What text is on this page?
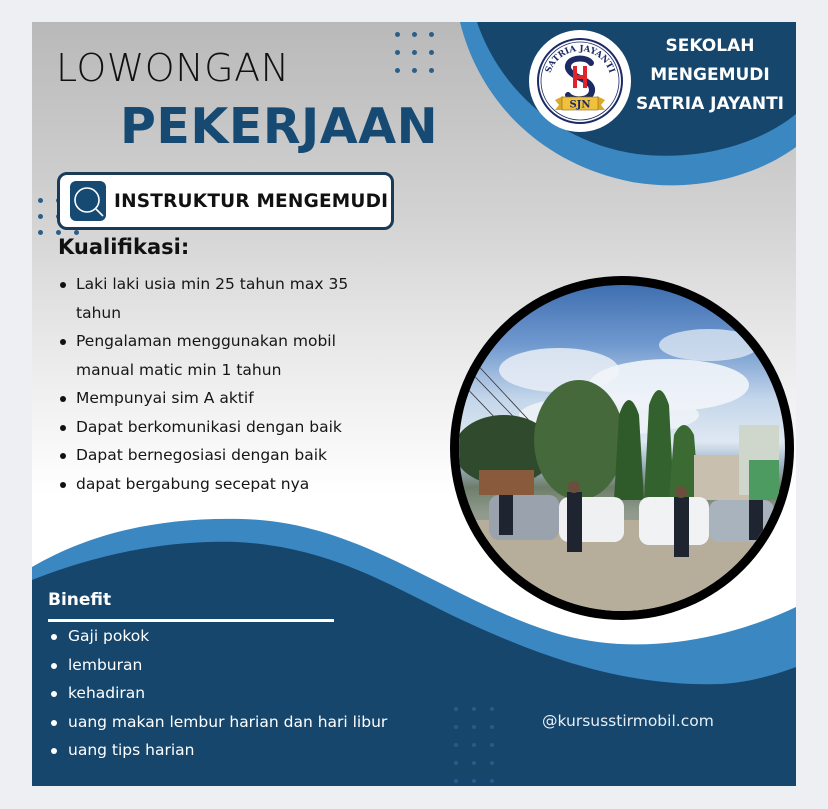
LOWONGAN
PEKERJAAN
INSTRUKTUR MENGEMUDI
Kualifikasi:
Laki laki usia min 25 tahun max 35 tahun
Pengalaman menggunakan mobil manual matic min 1 tahun
Mempunyai sim A aktif
Dapat berkomunikasi dengan baik
Dapat bernegosiasi dengan baik
dapat bergabung secepat nya
SATRIA JAYANTI
SJN
SEKOLAH
MENGEMUDI
SATRIA JAYANTI
Binefit
Gaji pokok
lemburan
kehadiran
uang makan lembur harian dan hari libur
uang tips harian
@kursusstirmobil.com
